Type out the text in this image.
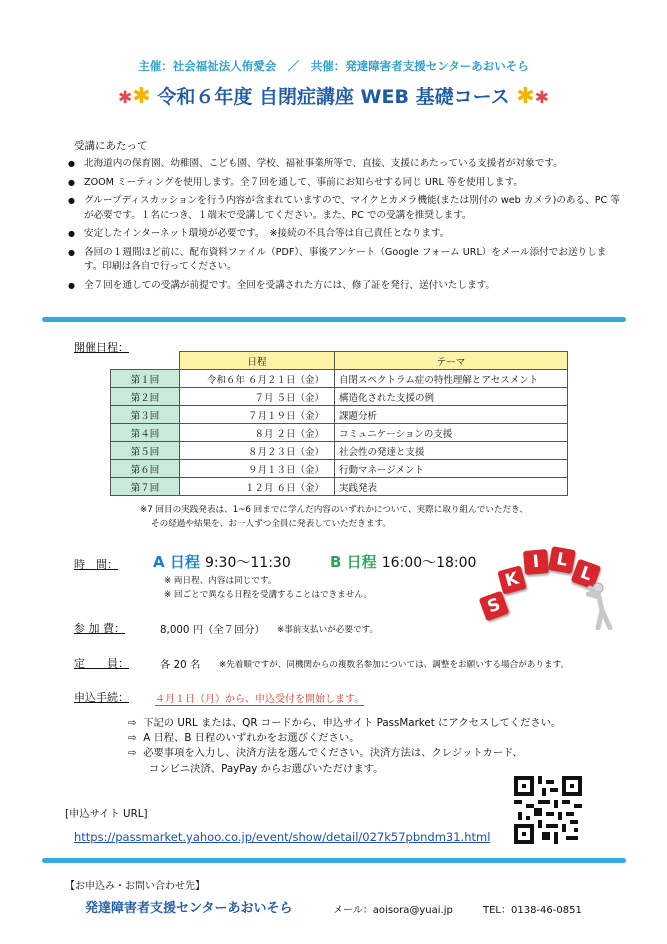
主催：社会福祉法人侑愛会　／　共催：発達障害者支援センターあおいそら
✱✱ 令和６年度 自閉症講座 WEB 基礎コース ✱✱
受講にあたって
● 北海道内の保育園、幼稚園、こども園、学校、福祉事業所等で、直接、支援にあたっている支援者が対象です。
● ZOOM ミーティングを使用します。全７回を通して、事前にお知らせする同じ URL 等を使用します。
● グループディスカッションを行う内容が含まれていますので、マイクとカメラ機能(または別付の web カメラ)のある、PC 等が必要です。１名につき、１端末で受講してください。また、PC での受講を推奨します。
● 安定したインターネット環境が必要です。　※接続の不具合等は自己責任となります。
● 各回の１週間ほど前に、配布資料ファイル（PDF）、事後アンケート（Google フォーム URL）をメール添付でお送りします。印刷は各自で行ってください。
● 全７回を通しての受講が前提です。全回を受講された方には、修了証を発行、送付いたします。
開催日程：
	日程	テーマ
第１回	令和６年 ６月２１日（金）	自閉スペクトラム症の特性理解とアセスメント
第２回	７月 ５日（金）	構造化された支援の例
第３回	７月１９日（金）	課題分析
第４回	８月 ２日（金）	コミュニケーションの支援
第５回	８月２３日（金）	社会性の発達と支援
第６回	９月１３日（金）	行動マネージメント
第７回	１２月 ６日（金）	実践発表
※7 回目の実践発表は、1~6 回までに学んだ内容のいずれかについて、実際に取り組んでいただき、
その経過や結果を、お一人ずつ全員に発表していただきます。
時　間： A 日程 9:30～11:30	B 日程 16:00～18:00
※ 両日程、内容は同じです。
※ 回ごとで異なる日程を受講することはできません。	S
K
I L
L
参 加 費：	8,000 円（全７回分） ※事前支払いが必要です。
定　　員：	各 20 名 ※先着順ですが、同機関からの複数名参加については、調整をお願いする場合があります。
申込手続：	４月１日（月）から、申込受付を開始します。
⇨ 下記の URL または、QR コードから、申込サイト PassMarket にアクセスしてください。
⇨ A 日程、B 日程のいずれかをお選びください。
⇨ 必要事項を入力し、決済方法を選んでください。決済方法は、クレジットカード、
コンビニ決済、PayPay からお選びいただけます。
[申込サイト URL]
https://passmarket.yahoo.co.jp/event/show/detail/027k57pbndm31.html
【お申込み・お問い合わせ先】
発達障害者支援センターあおいそら	メール：aoisora@yuai.jp	TEL：0138-46-0851
